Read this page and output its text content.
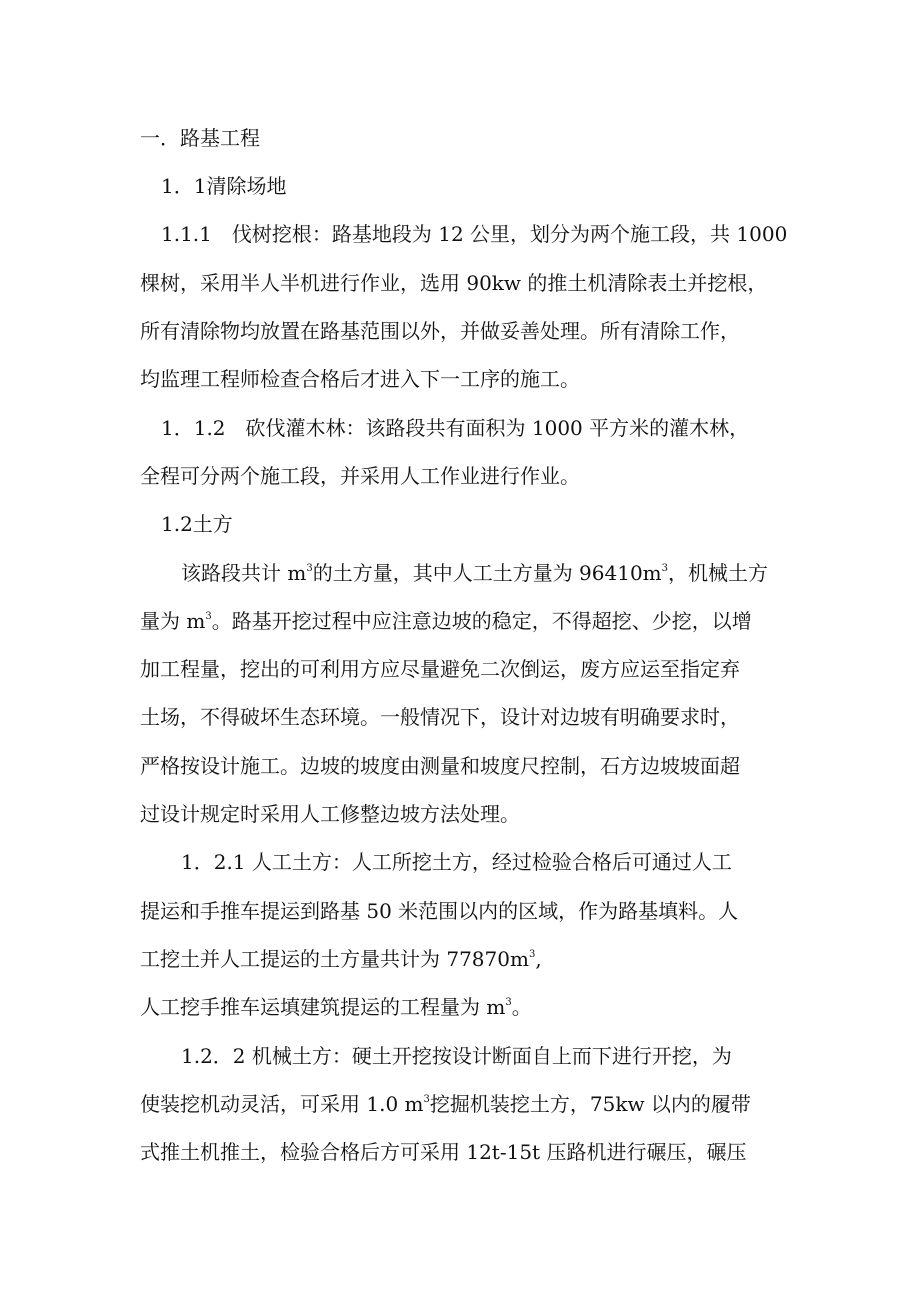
一．路基工程
1．1清除场地
1.1.1　伐树挖根：路基地段为 12 公里，划分为两个施工段，共 1000
棵树，采用半人半机进行作业，选用 90kw 的推土机清除表土并挖根，
所有清除物均放置在路基范围以外，并做妥善处理。所有清除工作，
均监理工程师检查合格后才进入下一工序的施工。
1．1.2　砍伐灌木林：该路段共有面积为 1000 平方米的灌木林，
全程可分两个施工段，并采用人工作业进行作业。
1.2土方
该路段共计 $m^3$的土方量，其中人工土方量为 $96410m^3$，机械土方
量为 $m^3$。路基开挖过程中应注意边坡的稳定，不得超挖、少挖，以增
加工程量，挖出的可利用方应尽量避免二次倒运，废方应运至指定弃
土场，不得破坏生态环境。一般情况下，设计对边坡有明确要求时，
严格按设计施工。边坡的坡度由测量和坡度尺控制，石方边坡坡面超
过设计规定时采用人工修整边坡方法处理。
1．2.1 人工土方：人工所挖土方，经过检验合格后可通过人工
提运和手推车提运到路基 50 米范围以内的区域，作为路基填料。人
工挖土并人工提运的土方量共计为 $77870m^3$,
人工挖手推车运填建筑提运的工程量为 $m^3$。
1.2．2 机械土方：硬土开挖按设计断面自上而下进行开挖，为
使装挖机动灵活，可采用 1.0 $m^3$挖掘机装挖土方，75kw 以内的履带
式推土机推土，检验合格后方可采用 12t-15t 压路机进行碾压，碾压
